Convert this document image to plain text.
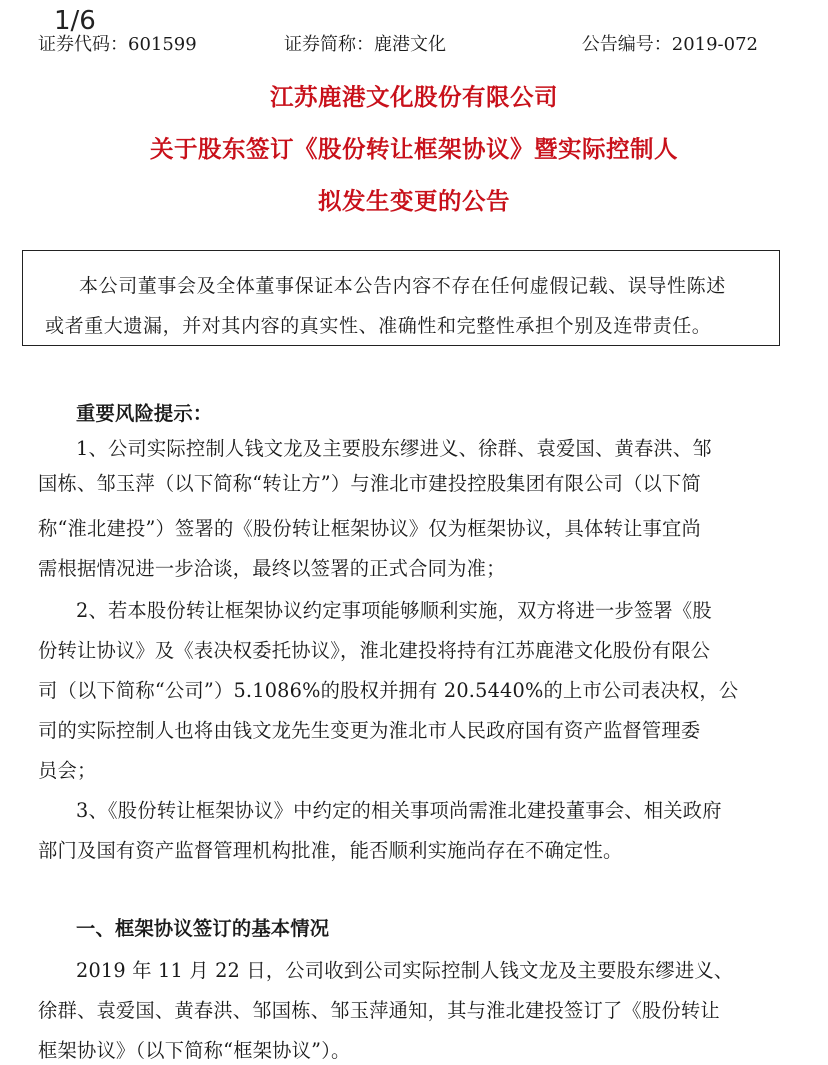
1/6
证券代码：601599	证券简称：鹿港文化	公告编号：2019-072
江苏鹿港文化股份有限公司
关于股东签订《股份转让框架协议》暨实际控制人
拟发生变更的公告

本公司董事会及全体董事保证本公告内容不存在任何虚假记载、误导性陈述

或者重大遗漏，并对其内容的真实性、准确性和完整性承担个别及连带责任。

重要风险提示：

1、公司实际控制人钱文龙及主要股东缪进义、徐群、袁爱国、黄春洪、邹

国栋、邹玉萍（以下简称“转让方”）与淮北市建投控股集团有限公司（以下简

称“淮北建投”）签署的《股份转让框架协议》仅为框架协议，具体转让事宜尚

需根据情况进一步洽谈，最终以签署的正式合同为准；

2、若本股份转让框架协议约定事项能够顺利实施，双方将进一步签署《股

份转让协议》及《表决权委托协议》，淮北建投将持有江苏鹿港文化股份有限公

司（以下简称“公司”）5.1086%的股权并拥有 20.5440%的上市公司表决权，公

司的实际控制人也将由钱文龙先生变更为淮北市人民政府国有资产监督管理委

员会；

3、《股份转让框架协议》中约定的相关事项尚需淮北建投董事会、相关政府

部门及国有资产监督管理机构批准，能否顺利实施尚存在不确定性。

一、框架协议签订的基本情况

2019 年 11 月 22 日，公司收到公司实际控制人钱文龙及主要股东缪进义、

徐群、袁爱国、黄春洪、邹国栋、邹玉萍通知，其与淮北建投签订了《股份转让

框架协议》（以下简称“框架协议”）。
